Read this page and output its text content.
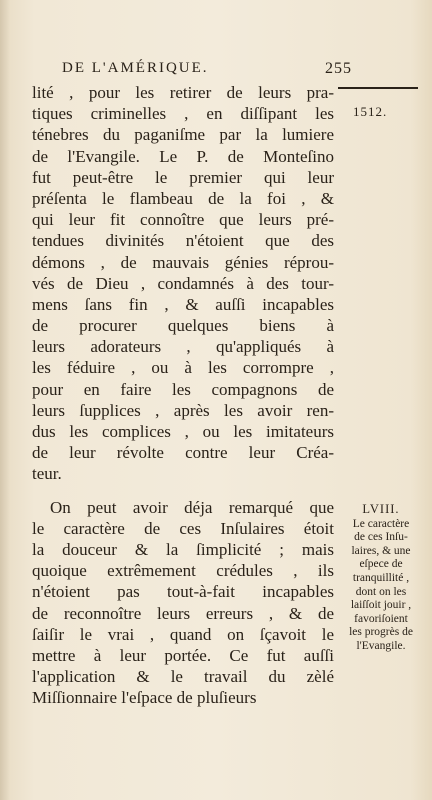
DE L'AMÉRIQUE.	255
1512.
lité , pour les retirer de leurs pra-
tiques criminelles , en diſſipant les
ténebres du paganiſme par la lumiere
de l'Evangile. Le P. de Monteſino
fut peut-être le premier qui leur
préſenta le flambeau de la foi , &
qui leur fit connoître que leurs pré-
tendues divinités n'étoient que des
démons , de mauvais génies réprou-
vés de Dieu , condamnés à des tour-
mens ſans fin , & auſſi incapables
de procurer quelques biens à
leurs adorateurs , qu'appliqués à
les féduire , ou à les corrompre ,
pour en faire les compagnons de
leurs ſupplices , après les avoir ren-
dus les complices , ou les imitateurs
de leur révolte contre leur Créa-
teur.
On peut avoir déja remarqué que
le caractère de ces Inſulaires étoit
la douceur & la ſimplicité ; mais
quoique extrêmement crédules , ils
n'étoient pas tout-à-fait incapables
de reconnoître leurs erreurs , & de
ſaiſir le vrai , quand on ſçavoit le
mettre à leur portée. Ce fut auſſi
l'application & le travail du zèlé
Miſſionnaire l'eſpace de pluſieurs
LVIII.
Le caractère
de ces Inſu-
laires, & une
eſpece de
tranquillité ,
dont on les
laiſſoit jouir ,
favoriſoient
les progrès de
l'Evangile.
